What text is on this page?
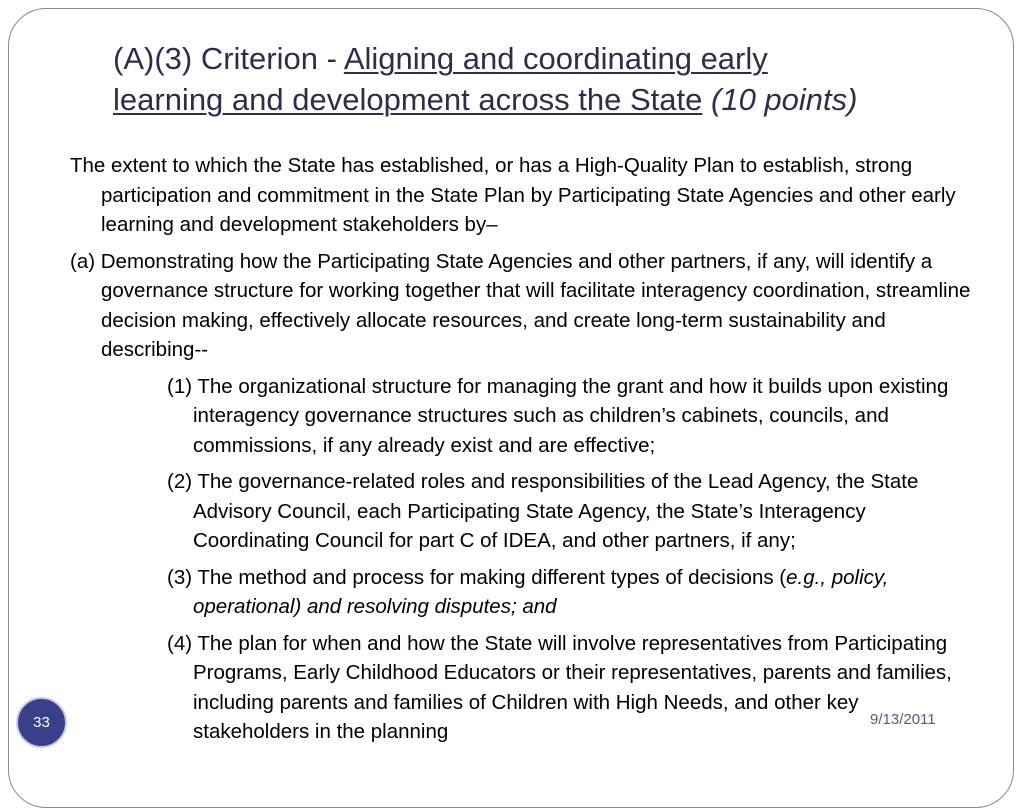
(A)(3) Criterion - Aligning and coordinating early
learning and development across the State (10 points)

The extent to which the State has established, or has a High-Quality Plan to establish, strong participation and commitment in the State Plan by Participating State Agencies and other early learning and development stakeholders by–

(a) Demonstrating how the Participating State Agencies and other partners, if any, will identify a governance structure for working together that will facilitate interagency coordination, streamline decision making, effectively allocate resources, and create long-term sustainability and describing--

(1) The organizational structure for managing the grant and how it builds upon existing interagency governance structures such as children’s cabinets, councils, and commissions, if any already exist and are effective;

(2) The governance-related roles and responsibilities of the Lead Agency, the State Advisory Council, each Participating State Agency, the State’s Interagency Coordinating Council for part C of IDEA, and other partners, if any;

(3) The method and process for making different types of decisions (e.g., policy, operational) and resolving disputes; and

(4) The plan for when and how the State will involve representatives from Participating Programs, Early Childhood Educators or their representatives, parents and families, including parents and families of Children with High Needs, and other key stakeholders in the planning

33	9/13/2011
